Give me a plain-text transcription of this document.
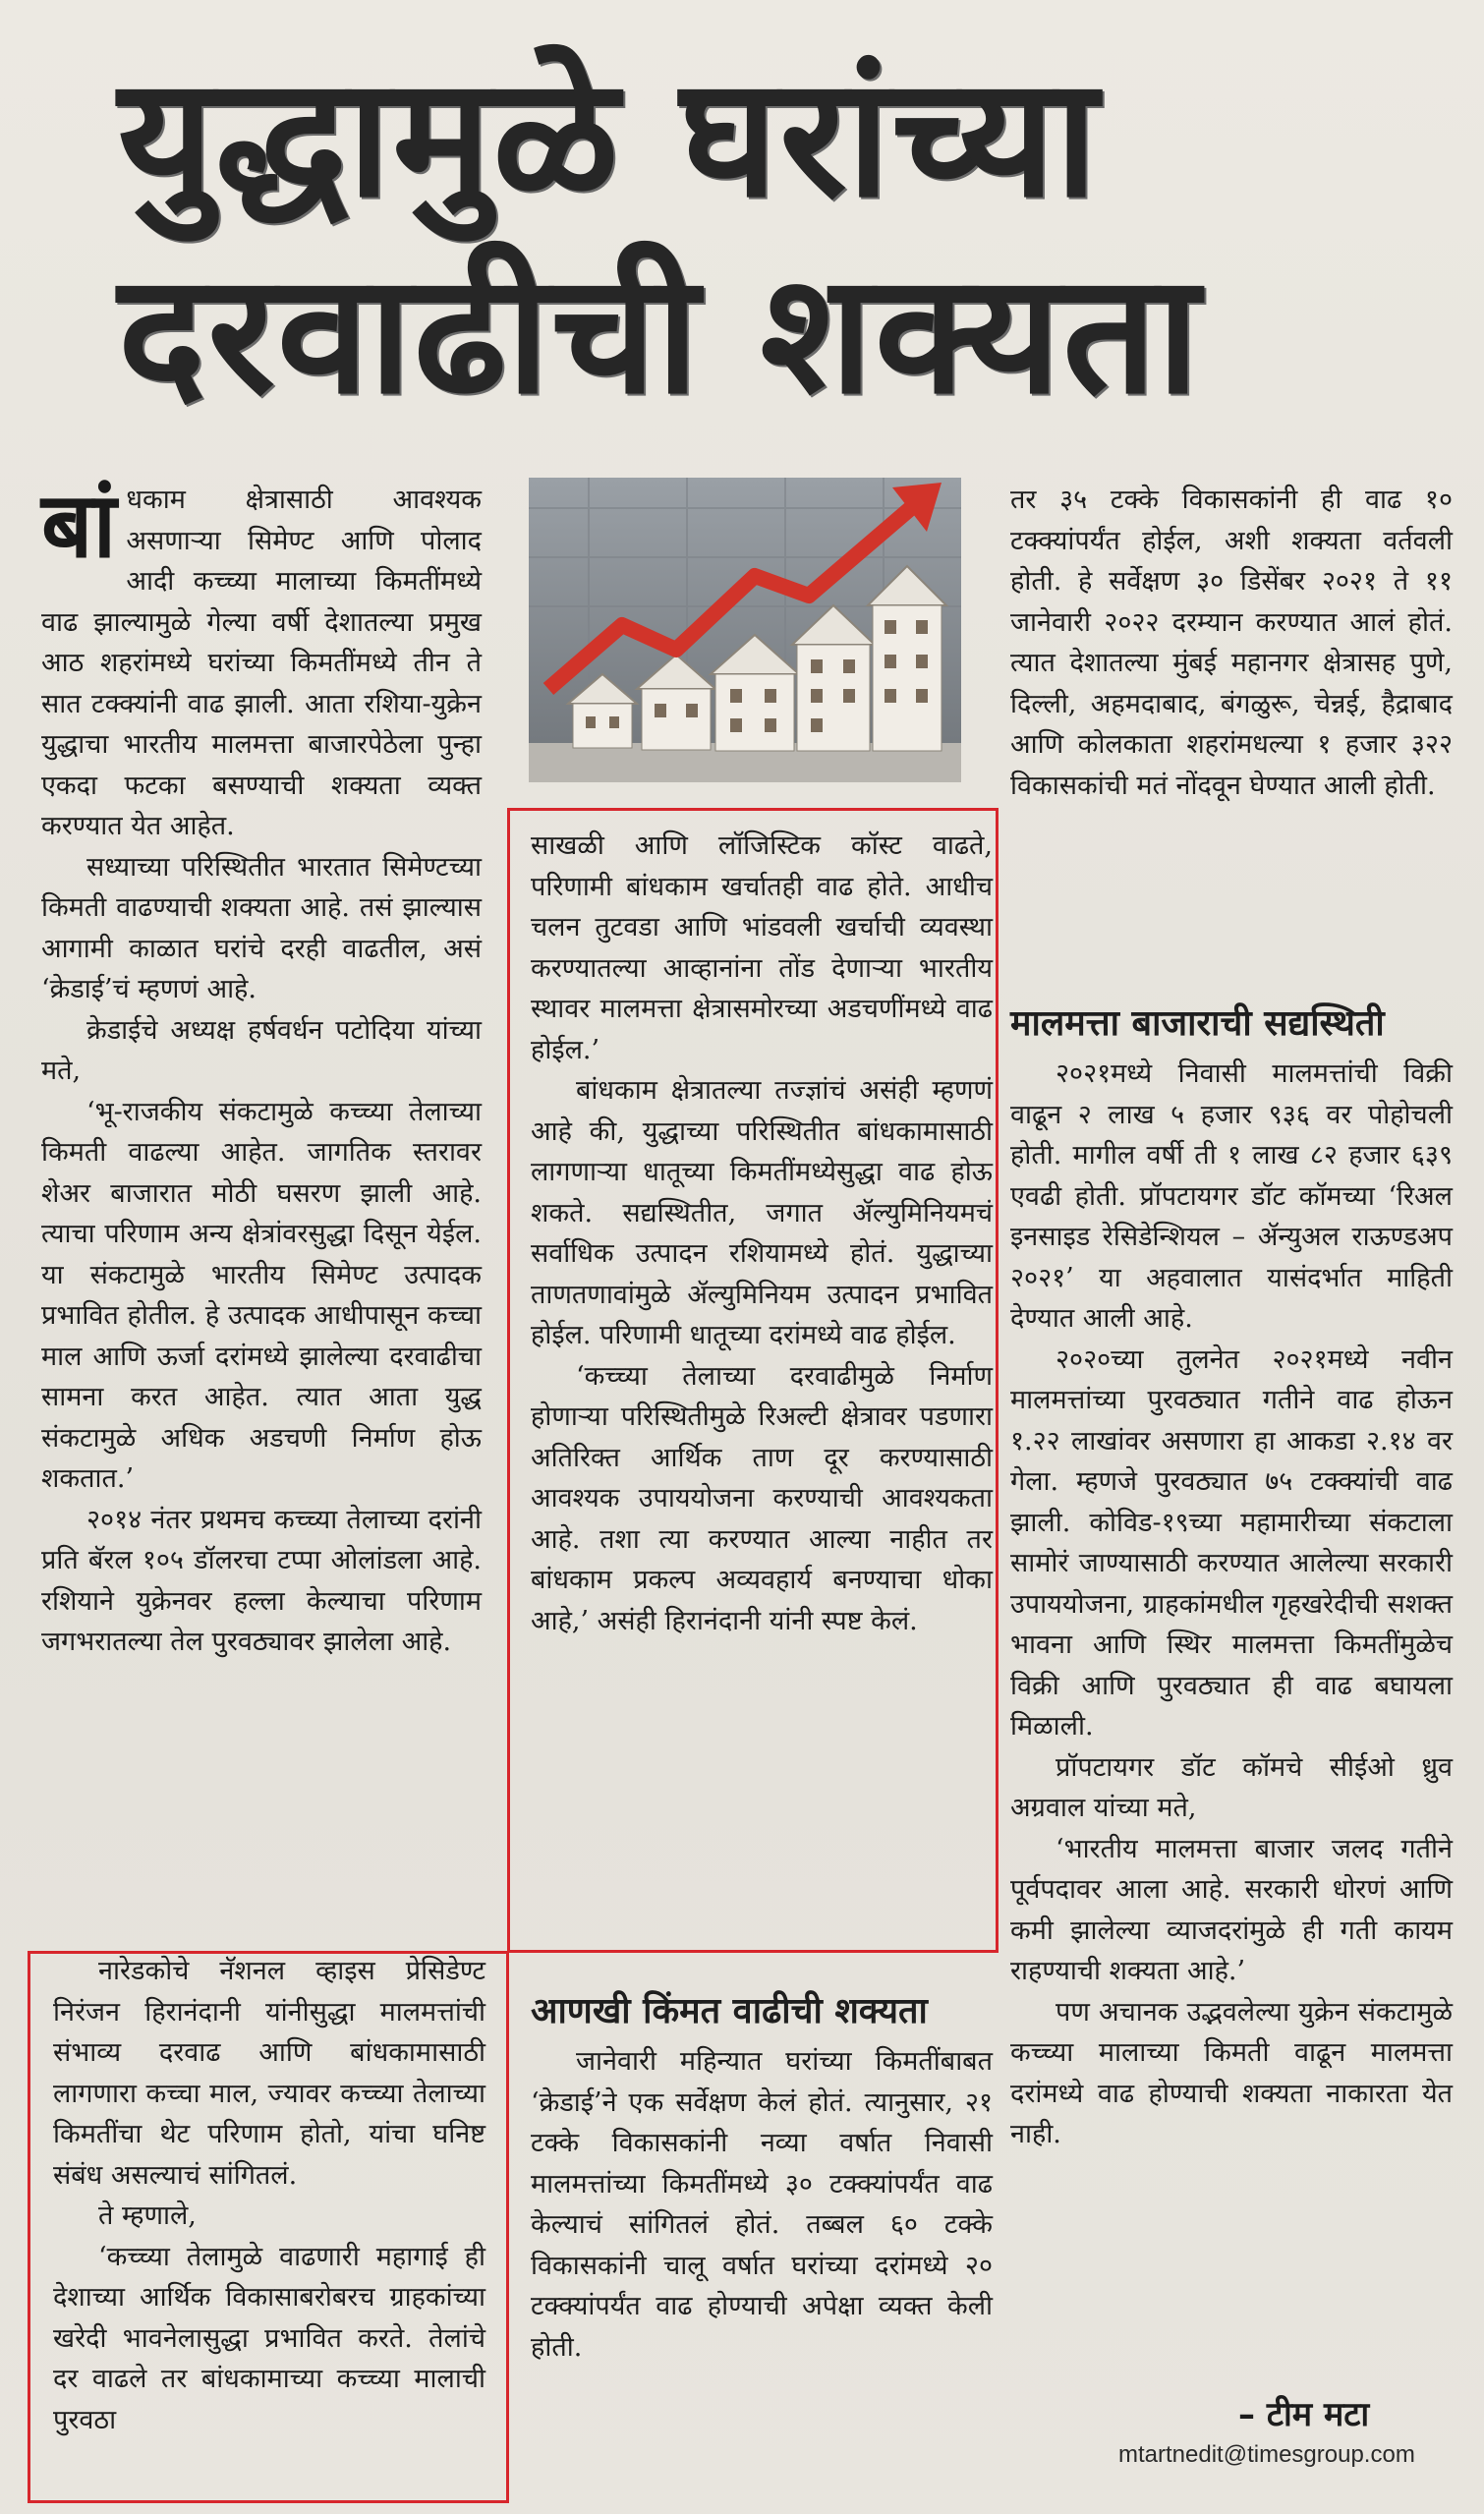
युद्धामुळे घरांच्या
दरवाढीची शक्यता
बां धकाम क्षेत्रासाठी आवश्यक असणाऱ्या सिमेण्ट आणि पोलाद आदी कच्च्या मालाच्या किमतींमध्ये वाढ झाल्यामुळे गेल्या वर्षी देशातल्या प्रमुख आठ शहरांमध्ये घरांच्या किमतींमध्ये तीन ते सात टक्क्यांनी वाढ झाली. आता रशिया-युक्रेन युद्धाचा भारतीय मालमत्ता बाजारपेठेला पुन्हा एकदा फटका बसण्याची शक्यता व्यक्त करण्यात येत आहेत.

सध्याच्या परिस्थितीत भारतात सिमेण्टच्या किमती वाढण्याची शक्यता आहे. तसं झाल्यास आगामी काळात घरांचे दरही वाढतील, असं ‘क्रेडाई’चं म्हणणं आहे.

क्रेडाईचे अध्यक्ष हर्षवर्धन पटोदिया यांच्या मते,

‘भू-राजकीय संकटामुळे कच्च्या तेलाच्या किमती वाढल्या आहेत. जागतिक स्तरावर शेअर बाजारात मोठी घसरण झाली आहे. त्याचा परिणाम अन्य क्षेत्रांवरसुद्धा दिसून येईल. या संकटामुळे भारतीय सिमेण्ट उत्पादक प्रभावित होतील. हे उत्पादक आधीपासून कच्चा माल आणि ऊर्जा दरांमध्ये झालेल्या दरवाढीचा सामना करत आहेत. त्यात आता युद्ध संकटामुळे अधिक अडचणी निर्माण होऊ शकतात.’

२०१४ नंतर प्रथमच कच्च्या तेलाच्या दरांनी प्रति बॅरल १०५ डॉलरचा टप्पा ओलांडला आहे. रशियाने युक्रेनवर हल्ला केल्याचा परिणाम जगभरातल्या तेल पुरवठ्यावर झालेला आहे.

नारेडकोचे नॅशनल व्हाइस प्रेसिडेण्ट निरंजन हिरानंदानी यांनीसुद्धा मालमत्तांची संभाव्य दरवाढ आणि बांधकामासाठी लागणारा कच्चा माल, ज्यावर कच्च्या तेलाच्या किमतींचा थेट परिणाम होतो, यांचा घनिष्ट संबंध असल्याचं सांगितलं.

ते म्हणाले,

‘कच्च्या तेलामुळे वाढणारी महागाई ही देशाच्या आर्थिक विकासाबरोबरच ग्राहकांच्या खरेदी भावनेलासुद्धा प्रभावित करते. तेलांचे दर वाढले तर बांधकामाच्या कच्च्या मालाची पुरवठा

साखळी आणि लॉजिस्टिक कॉस्ट वाढते, परिणामी बांधकाम खर्चातही वाढ होते. आधीच चलन तुटवडा आणि भांडवली खर्चाची व्यवस्था करण्यातल्या आव्हानांना तोंड देणाऱ्या भारतीय स्थावर मालमत्ता क्षेत्रासमोरच्या अडचणींमध्ये वाढ होईल.’

बांधकाम क्षेत्रातल्या तज्ज्ञांचं असंही म्हणणं आहे की, युद्धाच्या परिस्थितीत बांधकामासाठी लागणाऱ्या धातूच्या किमतींमध्येसुद्धा वाढ होऊ शकते. सद्यस्थितीत, जगात ॲल्युमिनियमचं सर्वाधिक उत्पादन रशियामध्ये होतं. युद्धाच्या ताणतणावांमुळे ॲल्युमिनियम उत्पादन प्रभावित होईल. परिणामी धातूच्या दरांमध्ये वाढ होईल.

‘कच्च्या तेलाच्या दरवाढीमुळे निर्माण होणाऱ्या परिस्थितीमुळे रिअल्टी क्षेत्रावर पडणारा अतिरिक्त आर्थिक ताण दूर करण्यासाठी आवश्यक उपाययोजना करण्याची आवश्यकता आहे. तशा त्या करण्यात आल्या नाहीत तर बांधकाम प्रकल्प अव्यवहार्य बनण्याचा धोका आहे,’ असंही हिरानंदानी यांनी स्पष्ट केलं.

आणखी किंमत वाढीची शक्यता

जानेवारी महिन्यात घरांच्या किमतींबाबत ‘क्रेडाई’ने एक सर्वेक्षण केलं होतं. त्यानुसार, २१ टक्के विकासकांनी नव्या वर्षात निवासी मालमत्तांच्या किमतींमध्ये ३० टक्क्यांपर्यंत वाढ केल्याचं सांगितलं होतं. तब्बल ६० टक्के विकासकांनी चालू वर्षात घरांच्या दरांमध्ये २० टक्क्यांपर्यंत वाढ होण्याची अपेक्षा व्यक्त केली होती.

तर ३५ टक्के विकासकांनी ही वाढ १० टक्क्यांपर्यंत होईल, अशी शक्यता वर्तवली होती. हे सर्वेक्षण ३० डिसेंबर २०२१ ते ११ जानेवारी २०२२ दरम्यान करण्यात आलं होतं. त्यात देशातल्या मुंबई महानगर क्षेत्रासह पुणे, दिल्ली, अहमदाबाद, बंगळुरू, चेन्नई, हैद्राबाद आणि कोलकाता शहरांमधल्या १ हजार ३२२ विकासकांची मतं नोंदवून घेण्यात आली होती.

मालमत्ता बाजाराची सद्यस्थिती

२०२१मध्ये निवासी मालमत्तांची विक्री वाढून २ लाख ५ हजार ९३६ वर पोहोचली होती. मागील वर्षी ती १ लाख ८२ हजार ६३९ एवढी होती. प्रॉपटायगर डॉट कॉमच्या ‘रिअल इनसाइड रेसिडेन्शियल – ॲन्युअल राऊण्डअप २०२१’ या अहवालात यासंदर्भात माहिती देण्यात आली आहे.

२०२०च्या तुलनेत २०२१मध्ये नवीन मालमत्तांच्या पुरवठ्यात गतीने वाढ होऊन १.२२ लाखांवर असणारा हा आकडा २.१४ वर गेला. म्हणजे पुरवठ्यात ७५ टक्क्यांची वाढ झाली. कोविड-१९च्या महामारीच्या संकटाला सामोरं जाण्यासाठी करण्यात आलेल्या सरकारी उपाययोजना, ग्राहकांमधील गृहखरेदीची सशक्त भावना आणि स्थिर मालमत्ता किमतींमुळेच विक्री आणि पुरवठ्यात ही वाढ बघायला मिळाली.

प्रॉपटायगर डॉट कॉमचे सीईओ ध्रुव अग्रवाल यांच्या मते,

‘भारतीय मालमत्ता बाजार जलद गतीने पूर्वपदावर आला आहे. सरकारी धोरणं आणि कमी झालेल्या व्याजदरांमुळे ही गती कायम राहण्याची शक्यता आहे.’

पण अचानक उद्भवलेल्या युक्रेन संकटामुळे कच्च्या मालाच्या किमती वाढून मालमत्ता दरांमध्ये वाढ होण्याची शक्यता नाकारता येत नाही.

– टीम मटा
mtartnedit@timesgroup.com
